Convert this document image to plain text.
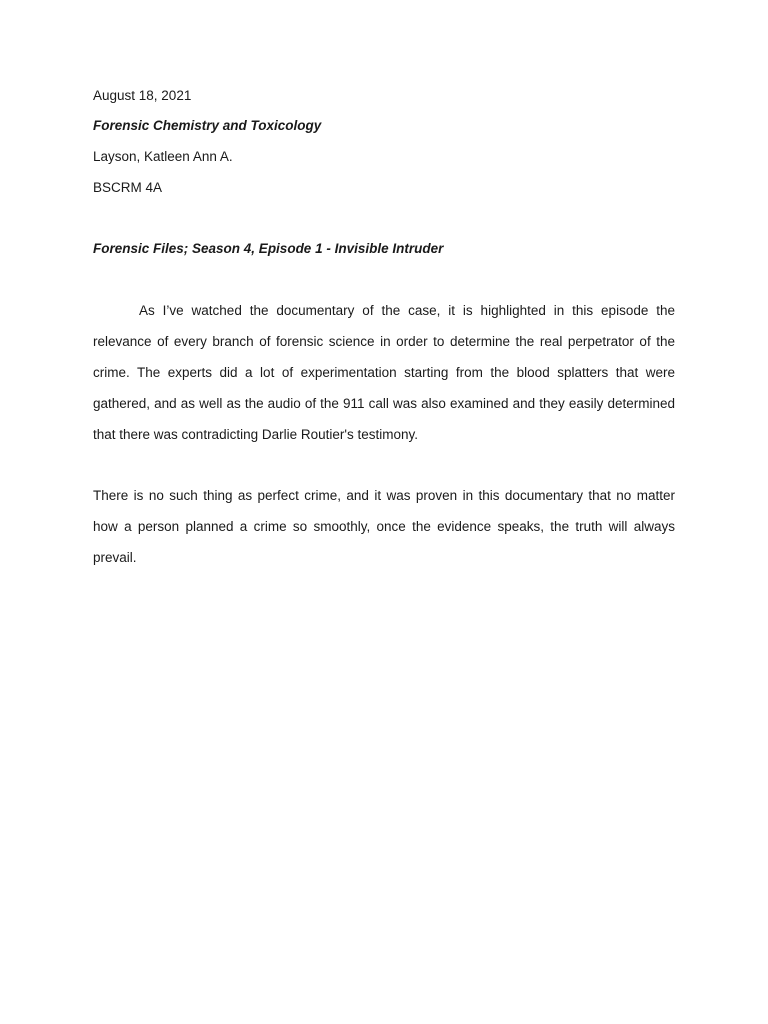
August 18, 2021
Forensic Chemistry and Toxicology
Layson, Katleen Ann A.
BSCRM 4A
Forensic Files; Season 4, Episode 1 - Invisible Intruder

As I’ve watched the documentary of the case, it is highlighted in this episode the relevance of every branch of forensic science in order to determine the real perpetrator of the crime. The experts did a lot of experimentation starting from the blood splatters that were gathered, and as well as the audio of the 911 call was also examined and they easily determined that there was contradicting Darlie Routier's testimony.

There is no such thing as perfect crime, and it was proven in this documentary that no matter how a person planned a crime so smoothly, once the evidence speaks, the truth will always prevail.
